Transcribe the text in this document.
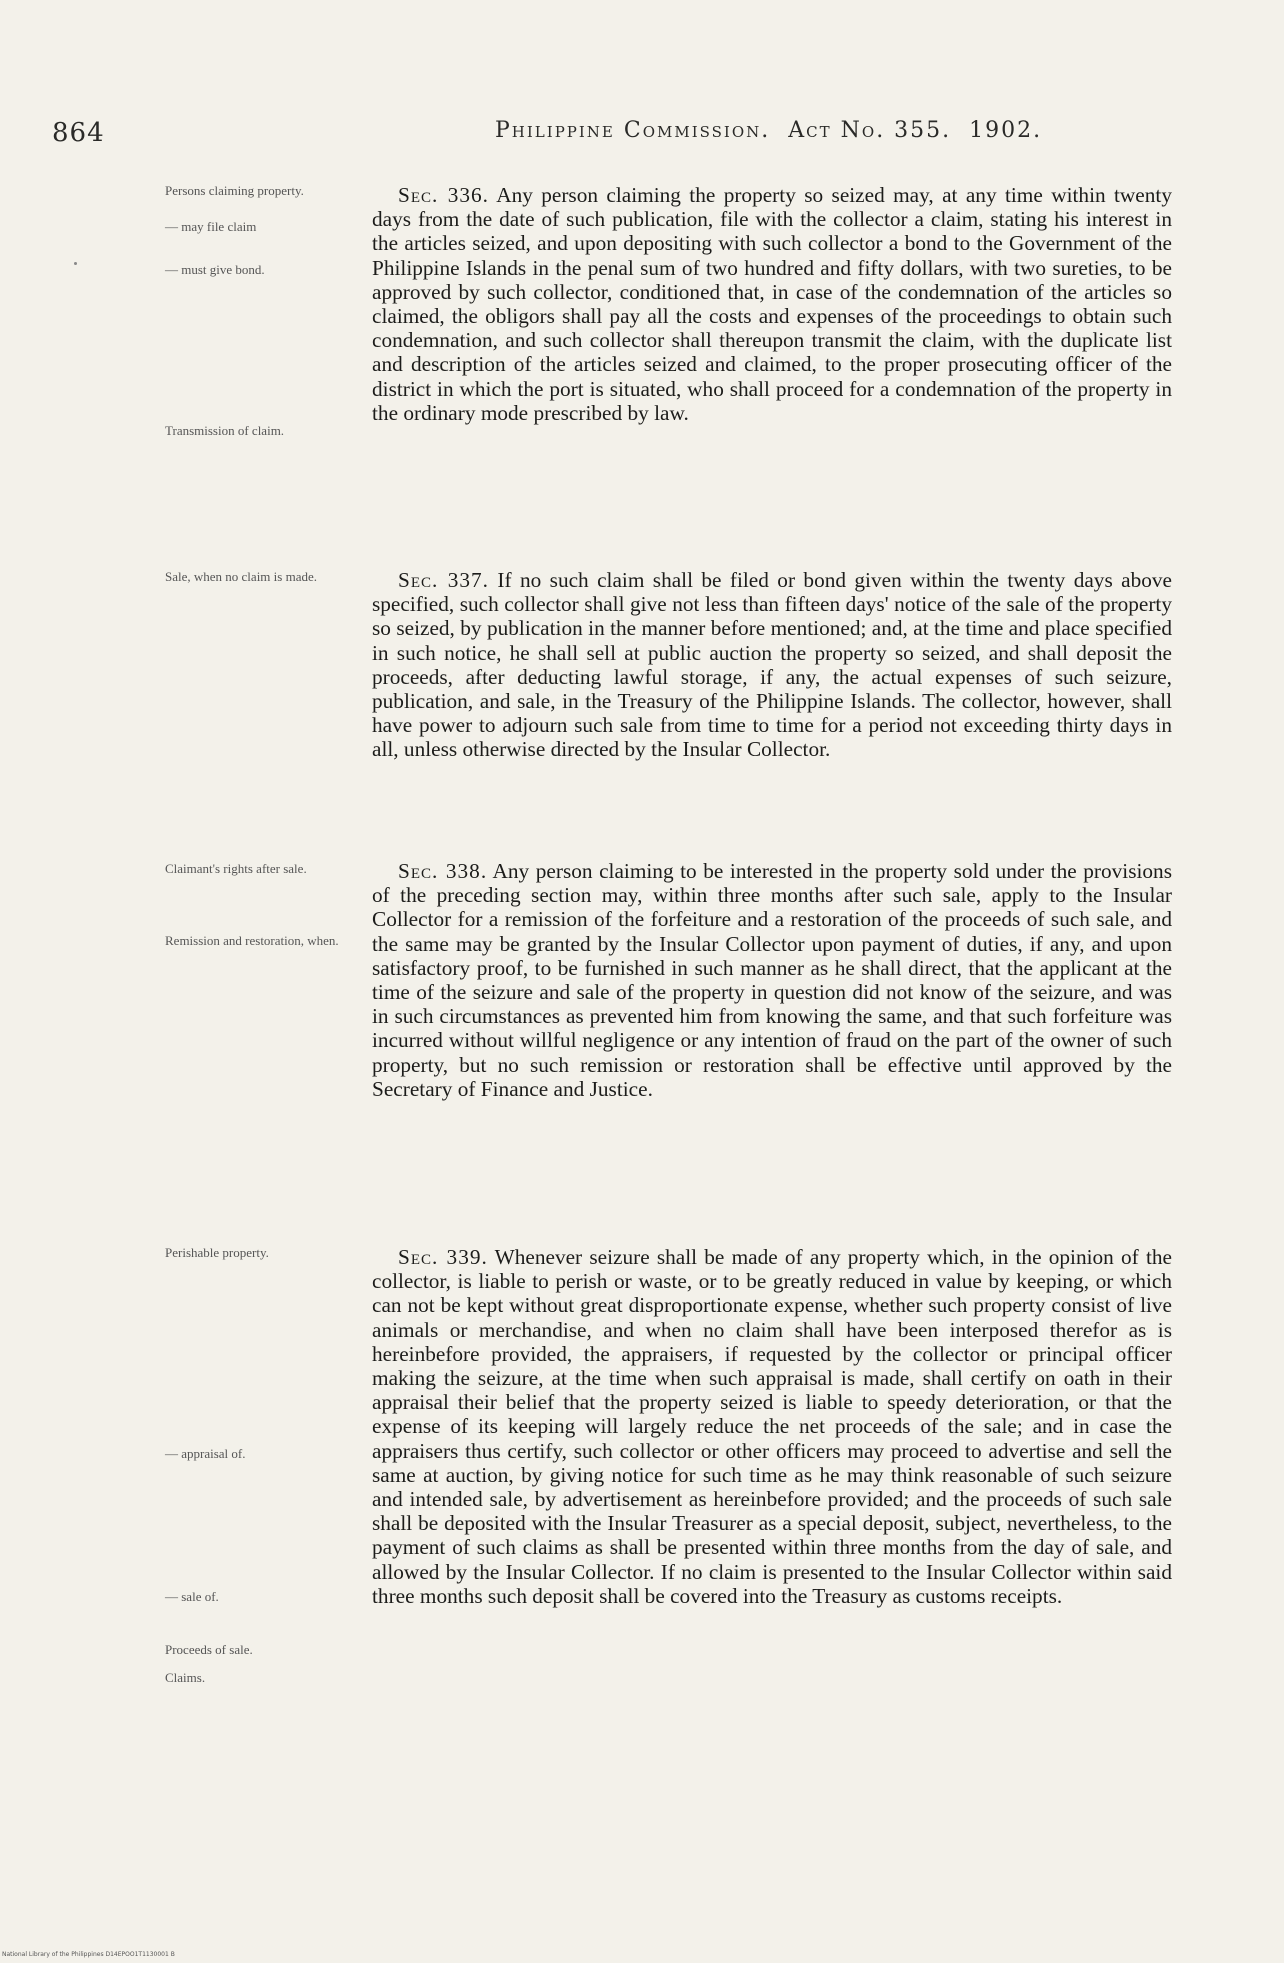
864	Philippine Commission. Act No. 355. 1902.
Persons claiming property.
— may file claim
— must give bond.
Transmission of claim.
Sale, when no claim is made.
Claimant's rights after sale.
Remission and restoration, when.
Perishable property.
— appraisal of.
— sale of.
Proceeds of sale.
Claims.

Sec. 336. Any person claiming the property so seized may, at any time within twenty days from the date of such publication, file with the collector a claim, stating his interest in the articles seized, and upon depositing with such collector a bond to the Government of the Philippine Islands in the penal sum of two hundred and fifty dollars, with two sureties, to be approved by such collector, conditioned that, in case of the condemnation of the articles so claimed, the obligors shall pay all the costs and expenses of the proceedings to obtain such condemnation, and such collector shall thereupon transmit the claim, with the duplicate list and description of the articles seized and claimed, to the proper prosecuting officer of the district in which the port is situated, who shall proceed for a condemnation of the property in the ordinary mode prescribed by law.

Sec. 337. If no such claim shall be filed or bond given within the twenty days above specified, such collector shall give not less than fifteen days' notice of the sale of the property so seized, by publication in the manner before mentioned; and, at the time and place specified in such notice, he shall sell at public auction the property so seized, and shall deposit the proceeds, after deducting lawful storage, if any, the actual expenses of such seizure, publication, and sale, in the Treasury of the Philippine Islands. The collector, however, shall have power to adjourn such sale from time to time for a period not exceeding thirty days in all, unless otherwise directed by the Insular Collector.

Sec. 338. Any person claiming to be interested in the property sold under the provisions of the preceding section may, within three months after such sale, apply to the Insular Collector for a remission of the forfeiture and a restoration of the proceeds of such sale, and the same may be granted by the Insular Collector upon payment of duties, if any, and upon satisfactory proof, to be furnished in such manner as he shall direct, that the applicant at the time of the seizure and sale of the property in question did not know of the seizure, and was in such circumstances as prevented him from knowing the same, and that such forfeiture was incurred without willful negligence or any intention of fraud on the part of the owner of such property, but no such remission or restoration shall be effective until approved by the Secretary of Finance and Justice.

Sec. 339. Whenever seizure shall be made of any property which, in the opinion of the collector, is liable to perish or waste, or to be greatly reduced in value by keeping, or which can not be kept without great disproportionate expense, whether such property consist of live animals or merchandise, and when no claim shall have been interposed therefor as is hereinbefore provided, the appraisers, if requested by the collector or principal officer making the seizure, at the time when such appraisal is made, shall certify on oath in their appraisal their belief that the property seized is liable to speedy deterioration, or that the expense of its keeping will largely reduce the net proceeds of the sale; and in case the appraisers thus certify, such collector or other officers may proceed to advertise and sell the same at auction, by giving notice for such time as he may think reasonable of such seizure and intended sale, by advertisement as hereinbefore provided; and the proceeds of such sale shall be deposited with the Insular Treasurer as a special deposit, subject, nevertheless, to the payment of such claims as shall be presented within three months from the day of sale, and allowed by the Insular Collector. If no claim is presented to the Insular Collector within said three months such deposit shall be covered into the Treasury as customs receipts.

National Library of the Philippines D14EPOO1T1130001 B
